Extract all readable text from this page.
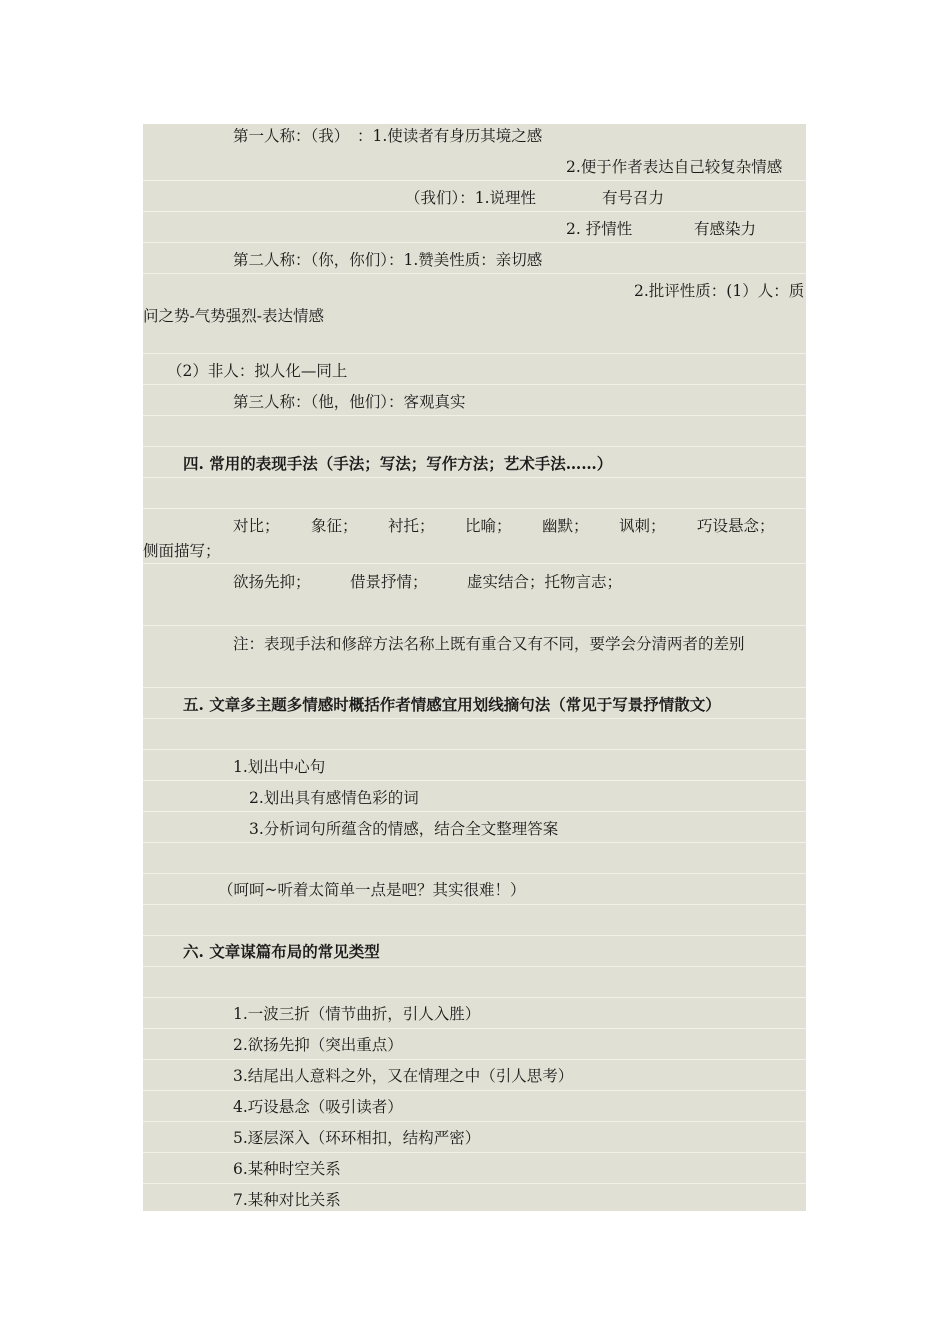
第一人称：（我）　：1.使读者有身历其境之感
2.便于作者表达自己较复杂情感
（我们）：1.说理性	有号召力
2. 抒情性	有感染力
第二人称：（你，你们）：1.赞美性质：亲切感
2.批评性质：(1）人：质
问之势-气势强烈-表达情感
（2）非人：拟人化—同上
第三人称：（他，他们）：客观真实
四. 常用的表现手法（手法；写法；写作方法；艺术手法……）
对比； 象征； 衬托； 比喻； 幽默； 讽刺； 巧设悬念；
侧面描写；
欲扬先抑；	借景抒情；	虚实结合；托物言志；
注：表现手法和修辞方法名称上既有重合又有不同，要学会分清两者的差别
五. 文章多主题多情感时概括作者情感宜用划线摘句法（常见于写景抒情散文）
1.划出中心句
2.划出具有感情色彩的词
3.分析词句所蕴含的情感，结合全文整理答案
（呵呵~听着太简单一点是吧？其实很难！）
六. 文章谋篇布局的常见类型
1.一波三折（情节曲折，引人入胜）
2.欲扬先抑（突出重点）
3.结尾出人意料之外，又在情理之中（引人思考）
4.巧设悬念（吸引读者）
5.逐层深入（环环相扣，结构严密）
6.某种时空关系
7.某种对比关系
